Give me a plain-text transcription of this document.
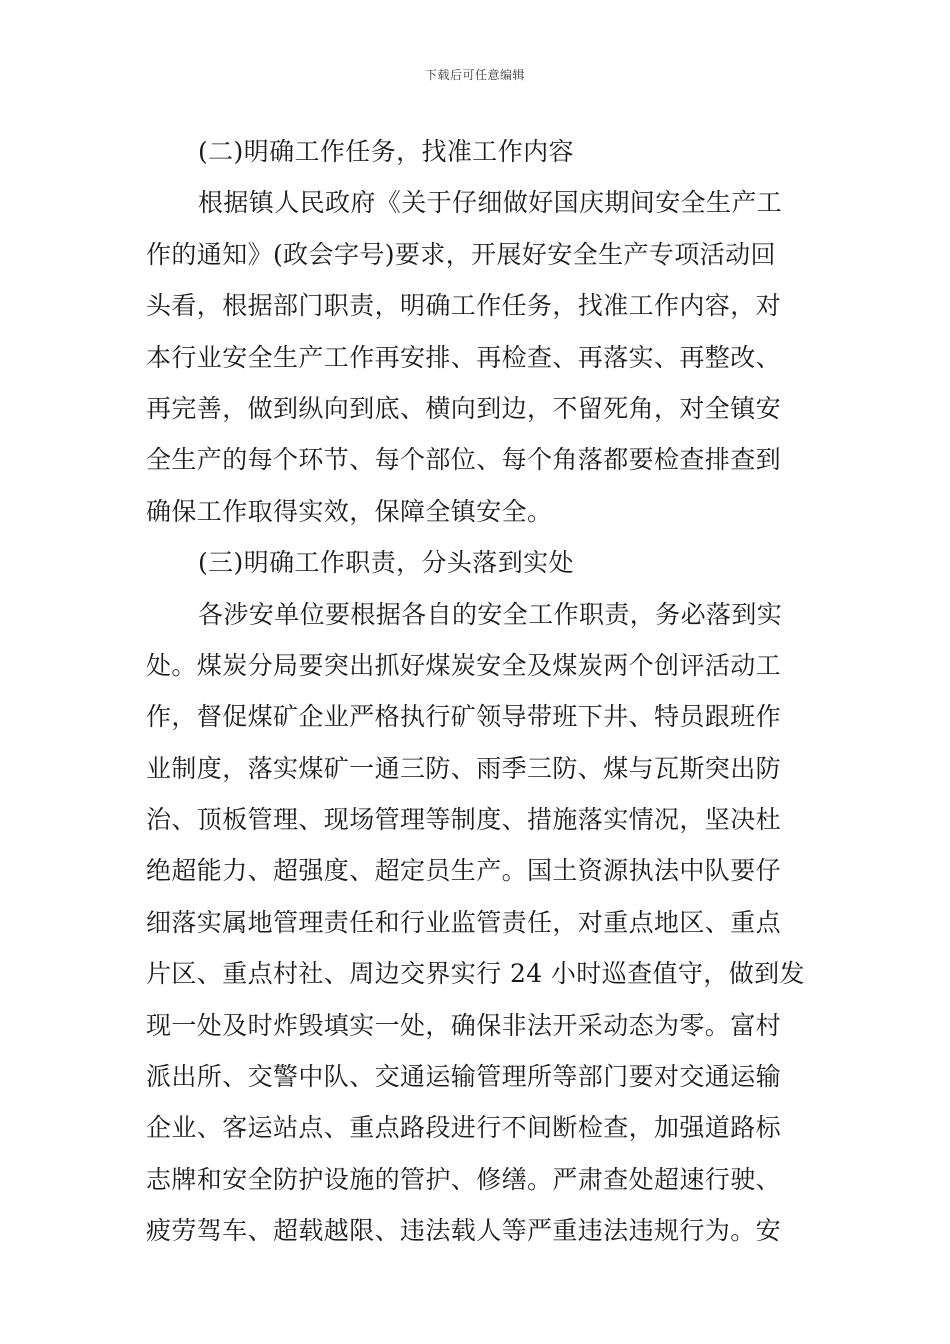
下载后可任意编辑
(二)明确工作任务，找准工作内容
根据镇人民政府《关于仔细做好国庆期间安全生产工
作的通知》(政会字号)要求，开展好安全生产专项活动回
头看，根据部门职责，明确工作任务，找准工作内容，对
本行业安全生产工作再安排、再检查、再落实、再整改、
再完善，做到纵向到底、横向到边，不留死角，对全镇安
全生产的每个环节、每个部位、每个角落都要检查排查到
确保工作取得实效，保障全镇安全。
(三)明确工作职责，分头落到实处
各涉安单位要根据各自的安全工作职责，务必落到实
处。煤炭分局要突出抓好煤炭安全及煤炭两个创评活动工
作，督促煤矿企业严格执行矿领导带班下井、特员跟班作
业制度，落实煤矿一通三防、雨季三防、煤与瓦斯突出防
治、顶板管理、现场管理等制度、措施落实情况，坚决杜
绝超能力、超强度、超定员生产。国土资源执法中队要仔
细落实属地管理责任和行业监管责任，对重点地区、重点
片区、重点村社、周边交界实行 24 小时巡查值守，做到发
现一处及时炸毁填实一处，确保非法开采动态为零。富村
派出所、交警中队、交通运输管理所等部门要对交通运输
企业、客运站点、重点路段进行不间断检查，加强道路标
志牌和安全防护设施的管护、修缮。严肃查处超速行驶、
疲劳驾车、超载越限、违法载人等严重违法违规行为。安
